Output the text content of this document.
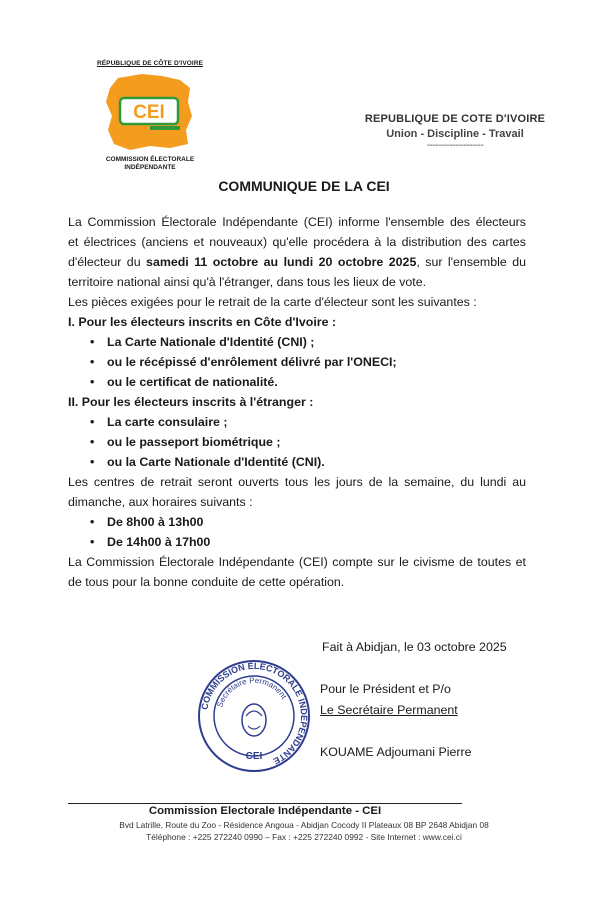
RÉPUBLIQUE DE CÔTE D'IVOIRE
CEI
COMMISSION ÉLECTORALE
INDÉPENDANTE
REPUBLIQUE DE COTE D'IVOIRE
Union - Discipline - Travail
--------------------
COMMUNIQUE DE LA CEI
La Commission Électorale Indépendante (CEI) informe l'ensemble des électeurs
et électrices (anciens et nouveaux) qu'elle procédera à la distribution des cartes
d'électeur du samedi 11 octobre au lundi 20 octobre 2025, sur l'ensemble du
territoire national ainsi qu'à l'étranger, dans tous les lieux de vote.
Les pièces exigées pour le retrait de la carte d'électeur sont les suivantes :
I. Pour les électeurs inscrits en Côte d'Ivoire :
• La Carte Nationale d'Identité (CNI) ;
• ou le récépissé d'enrôlement délivré par l'ONECI;
• ou le certificat de nationalité.
II. Pour les électeurs inscrits à l'étranger :
• La carte consulaire ;
• ou le passeport biométrique ;
• ou la Carte Nationale d'Identité (CNI).
Les centres de retrait seront ouverts tous les jours de la semaine, du lundi au
dimanche, aux horaires suivants :
• De 8h00 à 13h00
• De 14h00 à 17h00
La Commission Électorale Indépendante (CEI) compte sur le civisme de toutes et
de tous pour la bonne conduite de cette opération.
Fait à Abidjan, le 03 octobre 2025
COMMISSION ÉLECTORALE INDÉPENDANTE
Secrétaire Permanent
CEI
Pour le Président et P/o
Le Secrétaire Permanent
KOUAME Adjoumani Pierre
Commission Electorale Indépendante - CEI
Bvd Latrille, Route du Zoo - Résidence Angoua - Abidjan Cocody II Plateaux 08 BP 2648 Abidjan 08
Téléphone : +225 272240 0990 – Fax : +225 272240 0992 - Site Internet : www.cei.ci
